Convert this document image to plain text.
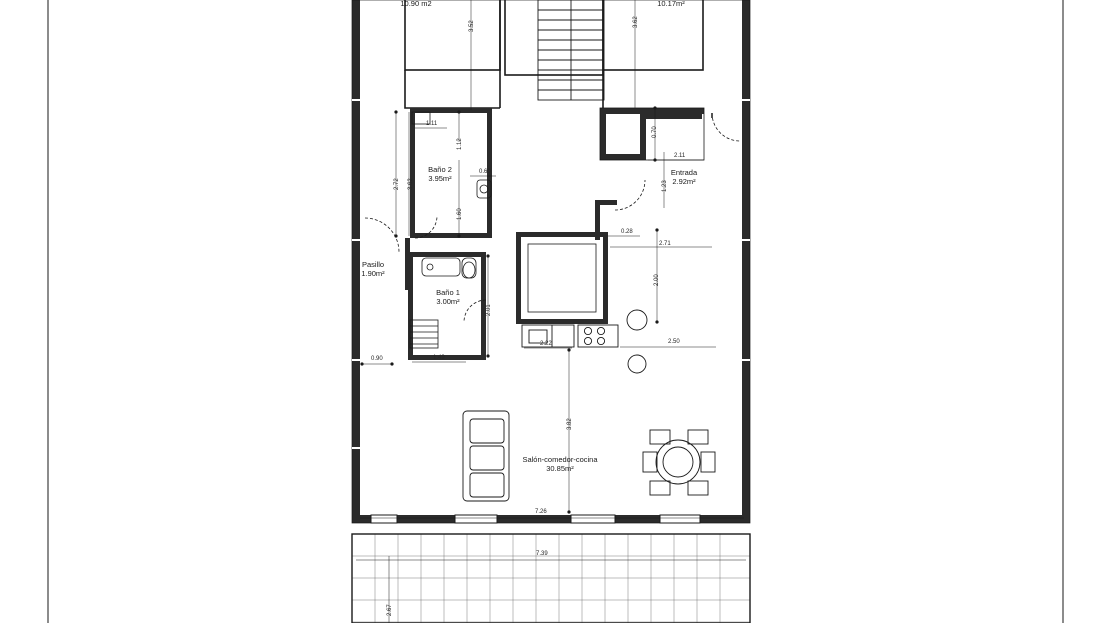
10.90 m2	10.17m²
Baño 2
3.95m²
Baño 1
3.00m²
Pasillo
1.90m²
Entrada
2.92m²
Salón-comedor-cocina
30.85m²
1.11
0.60
0.28
2.11
2.71
2.22	2.50
0.90	1.49
7.26
7.39
3.52	3.62
1.12
2.72 3.62
1.60
0.70
1.23
2.00
2.01
3.82
2.67
